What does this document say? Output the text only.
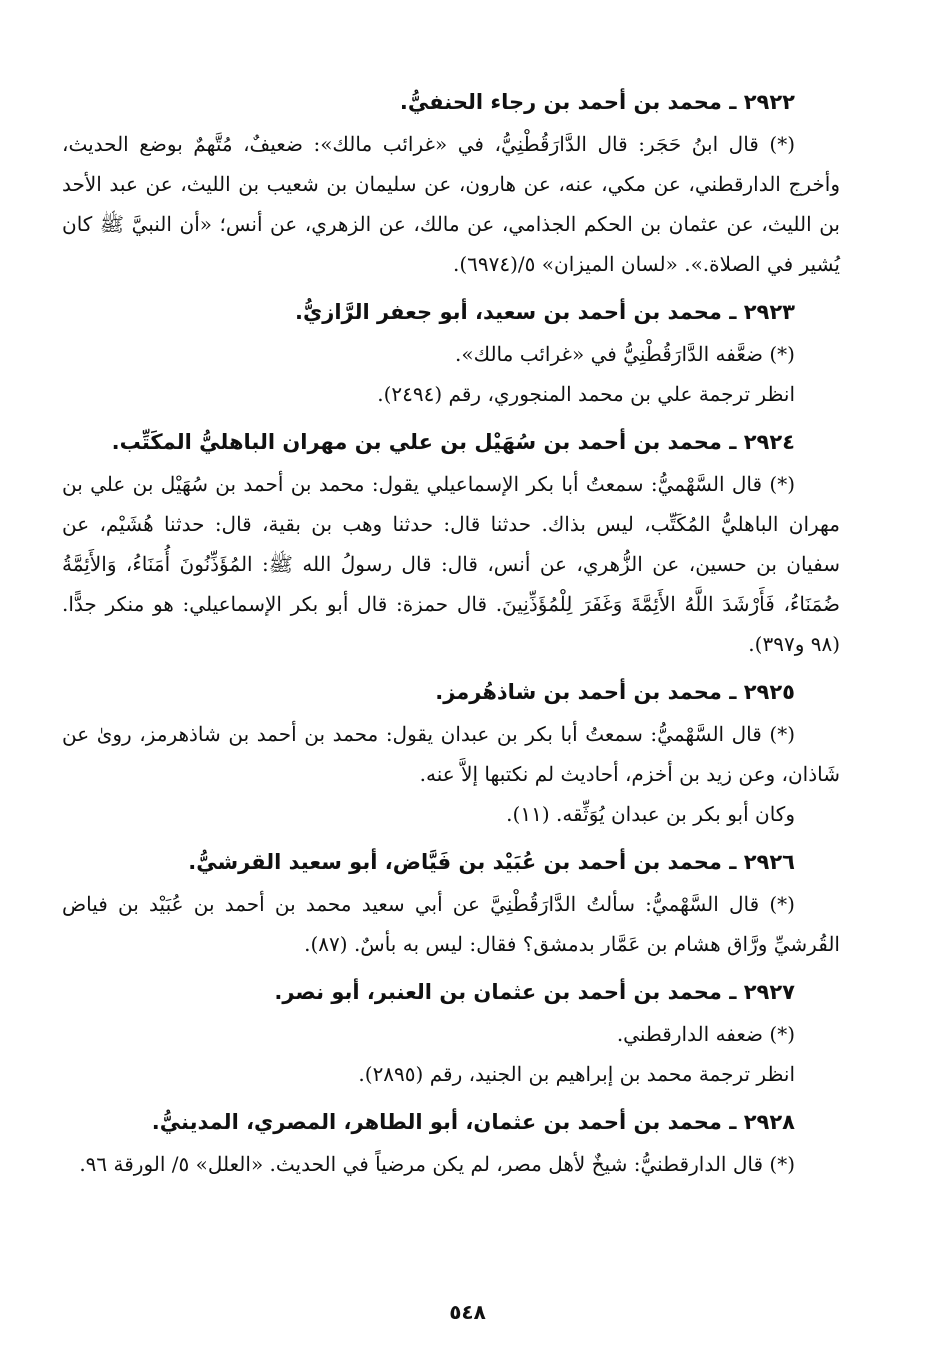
٢٩٢٢ ـ محمد بن أحمد بن رجاء الحنفيُّ.

(*) قال ابنُ حَجَر: قال الدَّارَقُطْنِيُّ، في «غرائب مالك»: ضعيفٌ، مُتَّهمٌ بوضع الحديث، وأخرج الدارقطني، عن مكي، عنه، عن هارون، عن سليمان بن شعيب بن الليث، عن عبد الأحد بن الليث، عن عثمان بن الحكم الجذامي، عن مالك، عن الزهري، عن أنس؛ «أن النبيَّ ﷺ كان يُشير في الصلاة.». «لسان الميزان» ٥/(٦٩٧٤).

٢٩٢٣ ـ محمد بن أحمد بن سعيد، أبو جعفر الرَّازيُّ.

(*) ضعَّفه الدَّارَقُطْنِيُّ في «غرائب مالك».

انظر ترجمة علي بن محمد المنجوري، رقم (٢٤٩٤).

٢٩٢٤ ـ محمد بن أحمد بن سُهَيْل بن علي بن مهران الباهليُّ المكَتِّب.

(*) قال السَّهْميُّ: سمعتُ أبا بكر الإسماعيلي يقول: محمد بن أحمد بن سُهَيْل بن علي بن مهران الباهليُّ المُكَتِّب، ليس بذاك. حدثنا قال: حدثنا وهب بن بقية، قال: حدثنا هُشَيْم، عن سفيان بن حسين، عن الزُّهري، عن أنس، قال: قال رسولُ الله ﷺ: المُؤَذِّنُونَ أُمَنَاءُ، وَالأَئِمَّةُ ضُمَنَاءُ، فَأَرْشَدَ اللَّهُ الأَئِمَّةَ وَغَفَرَ لِلْمُؤَذِّنِينَ. قال حمزة: قال أبو بكر الإسماعيلي: هو منكر جدًّا. (٩٨ و٣٩٧).

٢٩٢٥ ـ محمد بن أحمد بن شاذهُرمز.

(*) قال السَّهْميُّ: سمعتُ أبا بكر بن عبدان يقول: محمد بن أحمد بن شاذهرمز، روىٰ عن شَاذان، وعن زيد بن أخزم، أحاديث لم نكتبها إلاَّ عنه.

وكان أبو بكر بن عبدان يُوَثِّقه. (١١).

٢٩٢٦ ـ محمد بن أحمد بن عُبَيْد بن فَيَّاض، أبو سعيد القرشيُّ.

(*) قال السَّهْميُّ: سألتُ الدَّارَقُطْنِيَّ عن أبي سعيد محمد بن أحمد بن عُبَيْد بن فياض القُرشيِّ ورَّاق هشام بن عَمَّار بدمشق؟ فقال: ليس به بأسٌ. (٨٧).

٢٩٢٧ ـ محمد بن أحمد بن عثمان بن العنبر، أبو نصر.

(*) ضعفه الدارقطني.

انظر ترجمة محمد بن إبراهيم بن الجنيد، رقم (٢٨٩٥).

٢٩٢٨ ـ محمد بن أحمد بن عثمان، أبو الطاهر، المصري، المدينيُّ.

(*) قال الدارقطنيُّ: شيخٌ لأهل مصر، لم يكن مرضياً في الحديث. «العلل» ٥/ الورقة ٩٦.

٥٤٨
